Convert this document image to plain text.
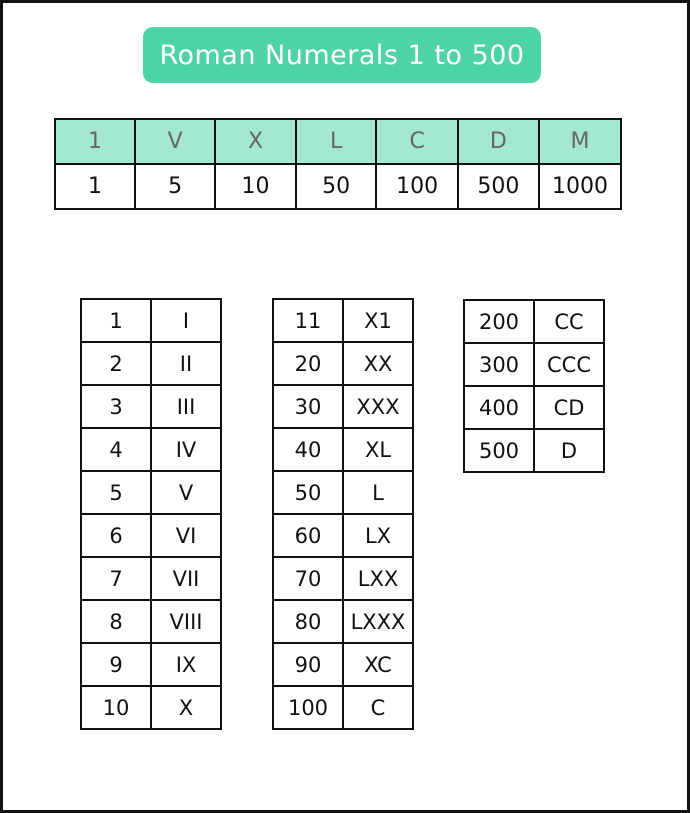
Roman Numerals 1 to 500
1	V	X	L	C	D	M
1	5	10	50	100	500	1000
1	I
2	II
3	III
4	IV
5	V
6	VI
7	VII
8	VIII
9	IX
10	X
11	X1
20	XX
30	XXX
40	XL
50	L
60	LX
70	LXX
80	LXXX
90	XC
100	C
200	CC
300	CCC
400	CD
500	D
